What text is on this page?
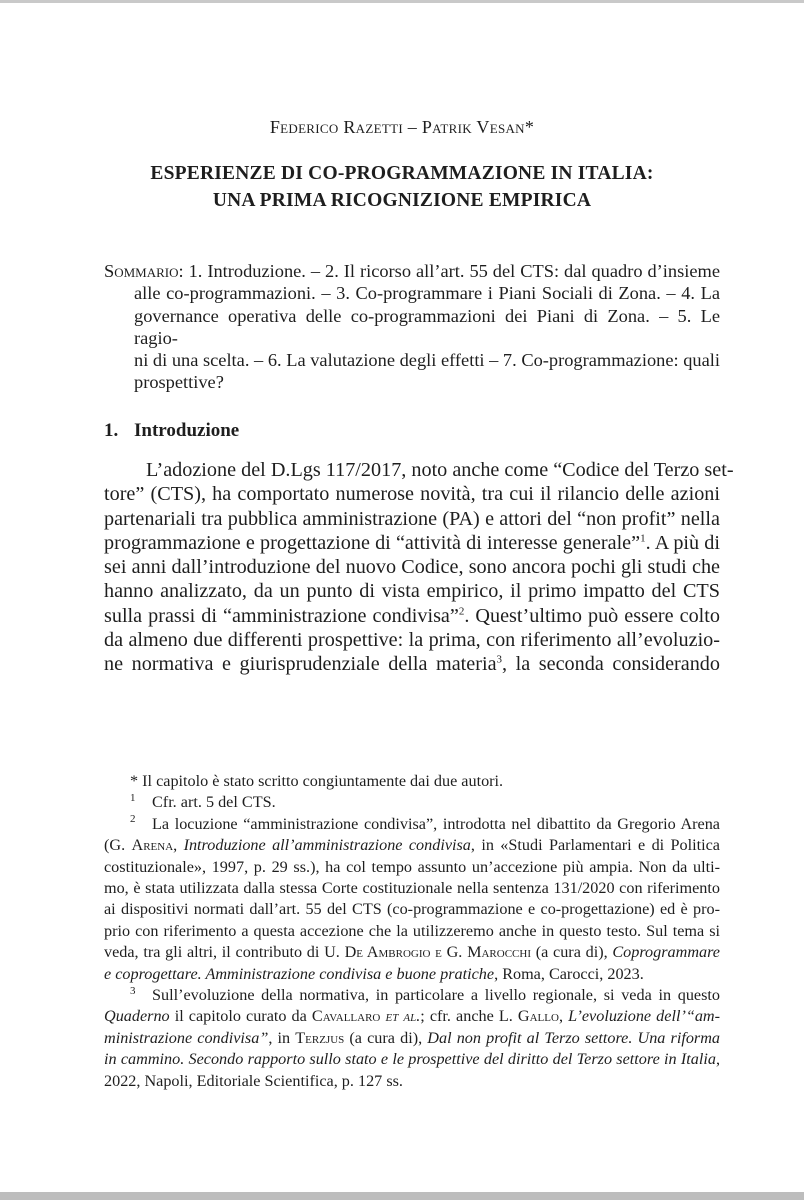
Federico Razetti – Patrik Vesan*
ESPERIENZE DI CO-PROGRAMMAZIONE IN ITALIA:
UNA PRIMA RICOGNIZIONE EMPIRICA
Sommario: 1. Introduzione. – 2. Il ricorso all’art. 55 del CTS: dal quadro d’insieme
alle co-programmazioni. – 3. Co-programmare i Piani Sociali di Zona. – 4. La
governance operativa delle co-programmazioni dei Piani di Zona. – 5. Le ragio-
ni di una scelta. – 6. La valutazione degli effetti – 7. Co-programmazione: quali
prospettive?
1. Introduzione
L’adozione del D.Lgs 117/2017, noto anche come “Codice del Terzo set-
tore” (CTS), ha comportato numerose novità, tra cui il rilancio delle azioni
partenariali tra pubblica amministrazione (PA) e attori del “non profit” nella
programmazione e progettazione di “attività di interesse generale”$^1$. A più di
sei anni dall’introduzione del nuovo Codice, sono ancora pochi gli studi che
hanno analizzato, da un punto di vista empirico, il primo impatto del CTS
sulla prassi di “amministrazione condivisa”$^2$. Quest’ultimo può essere colto
da almeno due differenti prospettive: la prima, con riferimento all’evoluzio-
ne normativa e giurisprudenziale della materia$^3$, la seconda considerando
* Il capitolo è stato scritto congiuntamente dai due autori.
1 Cfr. art. 5 del CTS.
2 La locuzione “amministrazione condivisa”, introdotta nel dibattito da Gregorio Arena
(G. Arena, Introduzione all’amministrazione condivisa, in «Studi Parlamentari e di Politica
costituzionale», 1997, p. 29 ss.), ha col tempo assunto un’accezione più ampia. Non da ulti-
mo, è stata utilizzata dalla stessa Corte costituzionale nella sentenza 131/2020 con riferimento
ai dispositivi normati dall’art. 55 del CTS (co-programmazione e co-progettazione) ed è pro-
prio con riferimento a questa accezione che la utilizzeremo anche in questo testo. Sul tema si
veda, tra gli altri, il contributo di U. De Ambrogio e G. Marocchi (a cura di), Coprogrammare
e coprogettare. Amministrazione condivisa e buone pratiche, Roma, Carocci, 2023.
3 Sull’evoluzione della normativa, in particolare a livello regionale, si veda in questo
Quaderno il capitolo curato da Cavallaro et al.; cfr. anche L. Gallo, L’evoluzione dell’“am-
ministrazione condivisa”, in Terzjus (a cura di), Dal non profit al Terzo settore. Una riforma
in cammino. Secondo rapporto sullo stato e le prospettive del diritto del Terzo settore in Italia,
2022, Napoli, Editoriale Scientifica, p. 127 ss.
